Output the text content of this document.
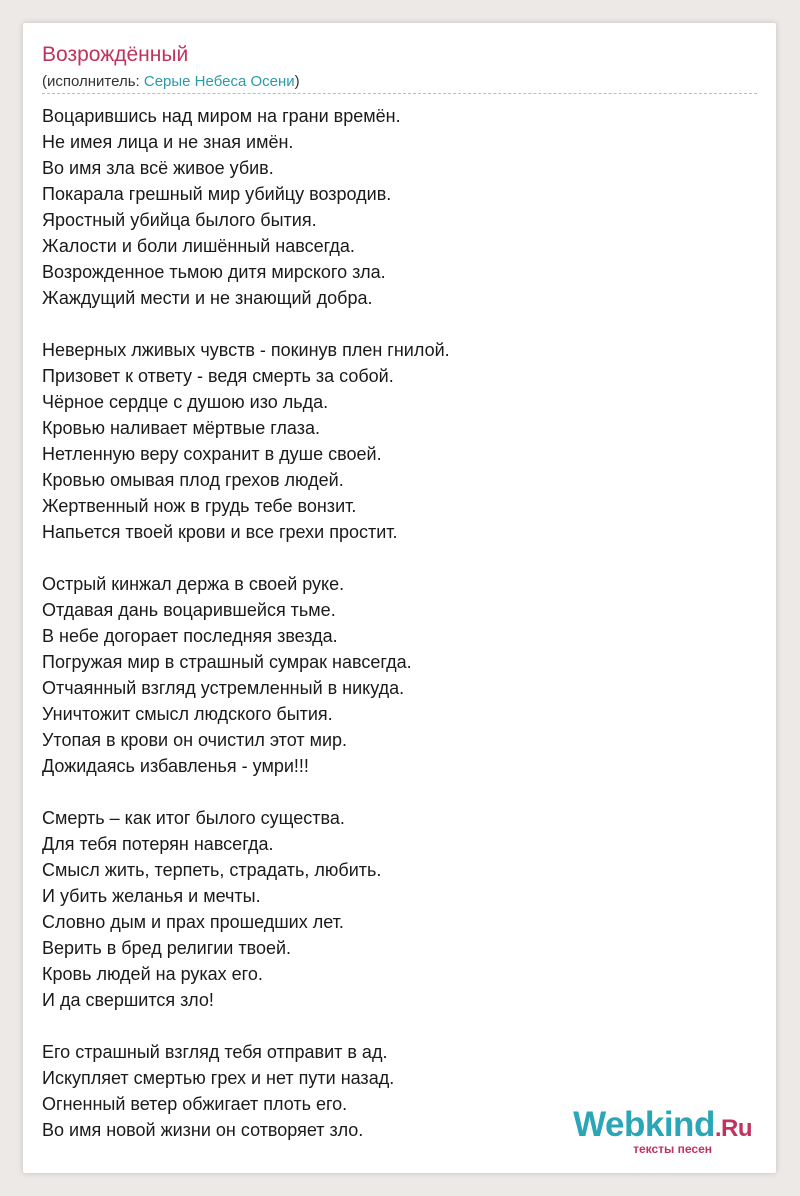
Возрождённый
(исполнитель: Серые Небеса Осени)
Воцарившись над миром на грани времён.
Не имея лица и не зная имён.
Во имя зла всё живое убив.
Покарала грешный мир убийцу возродив.
Яростный убийца былого бытия.
Жалости и боли лишённый навсегда.
Возрожденное тьмою дитя мирского зла.
Жаждущий мести и не знающий добра.
Неверных лживых чувств - покинув плен гнилой.
Призовет к ответу - ведя смерть за собой.
Чёрное сердце с душою изо льда.
Кровью наливает мёртвые глаза.
Нетленную веру сохранит в душе своей.
Кровью омывая плод грехов людей.
Жертвенный нож в грудь тебе вонзит.
Напьется твоей крови и все грехи простит.
Острый кинжал держа в своей руке.
Отдавая дань воцарившейся тьме.
В небе догорает последняя звезда.
Погружая мир в страшный сумрак навсегда.
Отчаянный взгляд устремленный в никуда.
Уничтожит смысл людского бытия.
Утопая в крови он очистил этот мир.
Дожидаясь избавленья - умри!!!
Смерть – как итог былого существа.
Для тебя потерян навсегда.
Смысл жить, терпеть, страдать, любить.
И убить желанья и мечты.
Словно дым и прах прошедших лет.
Верить в бред религии твоей.
Кровь людей на руках его.
И да свершится зло!
Его страшный взгляд тебя отправит в ад.
Искупляет смертью грех и нет пути назад.
Огненный ветер обжигает плоть его.
Во имя новой жизни он сотворяет зло.	Webkind.Ru
тексты песен
